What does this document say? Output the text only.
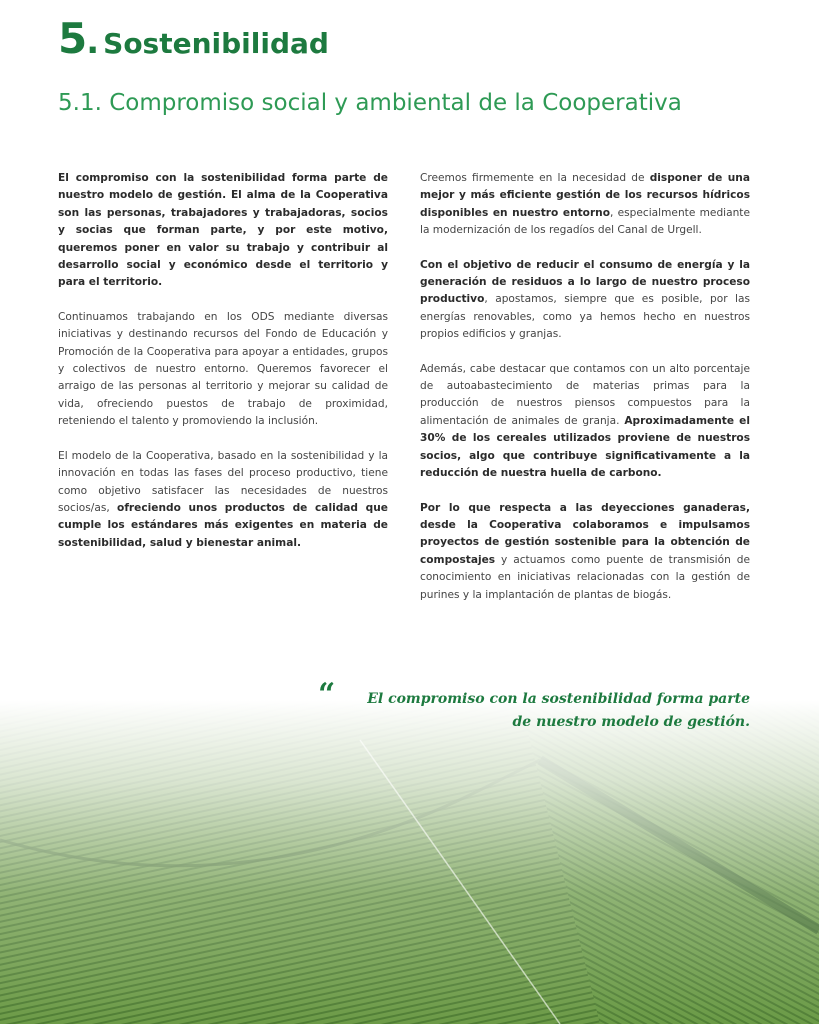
5. Sostenibilidad
5.1. Compromiso social y ambiental de la Cooperativa

El compromiso con la sostenibilidad forma parte de nuestro modelo de gestión. El alma de la Cooperativa son las personas, trabajadores y trabajadoras, socios y socias que forman parte, y por este motivo, queremos poner en valor su trabajo y contribuir al desarrollo social y económico desde el territorio y para el territorio.

Continuamos trabajando en los ODS mediante diversas iniciativas y destinando recursos del Fondo de Educación y Promoción de la Cooperativa para apoyar a entidades, grupos y colectivos de nuestro entorno. Queremos favorecer el arraigo de las personas al territorio y mejorar su calidad de vida, ofreciendo puestos de trabajo de proximidad, reteniendo el talento y promoviendo la inclusión.

El modelo de la Cooperativa, basado en la sostenibilidad y la innovación en todas las fases del proceso productivo, tiene como objetivo satisfacer las necesidades de nuestros socios/as, ofreciendo unos productos de calidad que cumple los estándares más exigentes en materia de sostenibilidad, salud y bienestar animal.

Creemos firmemente en la necesidad de disponer de una mejor y más eficiente gestión de los recursos hídricos disponibles en nuestro entorno, especialmente mediante la modernización de los regadíos del Canal de Urgell.

Con el objetivo de reducir el consumo de energía y la generación de residuos a lo largo de nuestro proceso productivo, apostamos, siempre que es posible, por las energías renovables, como ya hemos hecho en nuestros propios edificios y granjas.

Además, cabe destacar que contamos con un alto porcentaje de autoabastecimiento de materias primas para la producción de nuestros piensos compuestos para la alimentación de animales de granja. Aproximadamente el 30% de los cereales utilizados proviene de nuestros socios, algo que contribuye significativamente a la reducción de nuestra huella de carbono.

Por lo que respecta a las deyecciones ganaderas, desde la Cooperativa colaboramos e impulsamos proyectos de gestión sostenible para la obtención de compostajes y actuamos como puente de transmisión de conocimiento en iniciativas relacionadas con la gestión de purines y la implantación de plantas de biogás.

“	El compromiso con la sostenibilidad forma parte
de nuestro modelo de gestión.
